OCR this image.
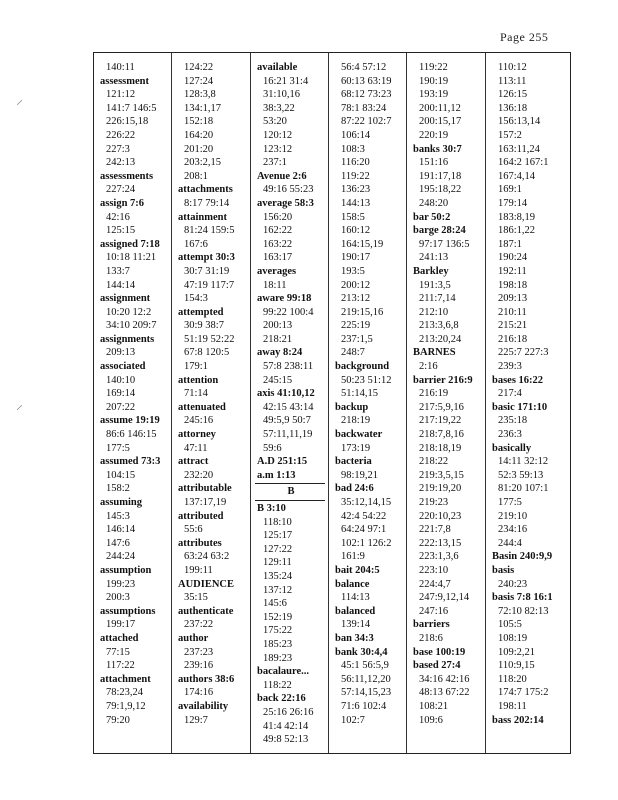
Page 255
⸝
⸝
140:11
assessment
121:12
141:7 146:5
226:15,18
226:22
227:3
242:13
assessments
227:24
assign 7:6
42:16
125:15
assigned 7:18
10:18 11:21
133:7
144:14
assignment
10:20 12:2
34:10 209:7
assignments
209:13
associated
140:10
169:14
207:22
assume 19:19
86:6 146:15
177:5
assumed 73:3
104:15
158:2
assuming
145:3
146:14
147:6
244:24
assumption
199:23
200:3
assumptions
199:17
attached
77:15
117:22
attachment
78:23,24
79:1,9,12
79:20
124:22
127:24
128:3,8
134:1,17
152:18
164:20
201:20
203:2,15
208:1
attachments
8:17 79:14
attainment
81:24 159:5
167:6
attempt 30:3
30:7 31:19
47:19 117:7
154:3
attempted
30:9 38:7
51:19 52:22
67:8 120:5
179:1
attention
71:14
attenuated
245:16
attorney
47:11
attract
232:20
attributable
137:17,19
attributed
55:6
attributes
63:24 63:2
199:11
AUDIENCE
35:15
authenticate
237:22
author
237:23
239:16
authors 38:6
174:16
availability
129:7
available
16:21 31:4
31:10,16
38:3,22
53:20
120:12
123:12
237:1
Avenue 2:6
49:16 55:23
average 58:3
156:20
162:22
163:22
163:17
averages
18:11
aware 99:18
99:22 100:4
200:13
218:21
away 8:24
57:8 238:11
245:15
axis 41:10,12
42:15 43:14
49:5,9 50:7
57:11,11,19
59:6
A.D 251:15
a.m 1:13
B
B 3:10
118:10
125:17
127:22
129:11
135:24
137:12
145:6
152:19
175:22
185:23
189:23
bacalaure...
118:22
back 22:16
25:16 26:16
41:4 42:14
49:8 52:13
56:4 57:12
60:13 63:19
68:12 73:23
78:1 83:24
87:22 102:7
106:14
108:3
116:20
119:22
136:23
144:13
158:5
160:12
164:15,19
190:17
193:5
200:12
213:12
219:15,16
225:19
237:1,5
248:7
background
50:23 51:12
51:14,15
backup
218:19
backwater
173:19
bacteria
98:19,21
bad 24:6
35:12,14,15
42:4 54:22
64:24 97:1
102:1 126:2
161:9
bait 204:5
balance
114:13
balanced
139:14
ban 34:3
bank 30:4,4
45:1 56:5,9
56:11,12,20
57:14,15,23
71:6 102:4
102:7
119:22
190:19
193:19
200:11,12
200:15,17
220:19
banks 30:7
151:16
191:17,18
195:18,22
248:20
bar 50:2
barge 28:24
97:17 136:5
241:13
Barkley
191:3,5
211:7,14
212:10
213:3,6,8
213:20,24
BARNES
2:16
barrier 216:9
216:19
217:5,9,16
217:19,22
218:7,8,16
218:18,19
218:22
219:3,5,15
219:19,20
219:23
220:10,23
221:7,8
222:13,15
223:1,3,6
223:10
224:4,7
247:9,12,14
247:16
barriers
218:6
base 100:19
based 27:4
34:16 42:16
48:13 67:22
108:21
109:6
110:12
113:11
126:15
136:18
156:13,14
157:2
163:11,24
164:2 167:1
167:4,14
169:1
179:14
183:8,19
186:1,22
187:1
190:24
192:11
198:18
209:13
210:11
215:21
216:18
225:7 227:3
239:3
bases 16:22
217:4
basic 171:10
235:18
236:3
basically
14:11 32:12
52:3 59:13
81:20 107:1
177:5
219:10
234:16
244:4
Basin 240:9,9
basis
240:23
basis 7:8 16:1
72:10 82:13
105:5
108:19
109:2,21
110:9,15
118:20
174:7 175:2
198:11
bass 202:14
